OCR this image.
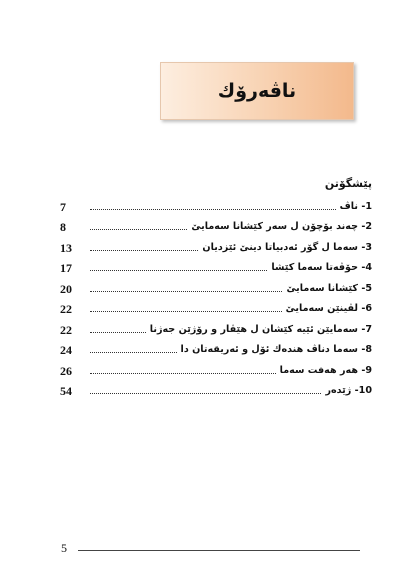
ناڤەرۆك
پێشگۆتن
7	1- ناڤ
8	2- چەند بۆچۆن ل سەر كێشانا سەمایێ
13	3- سەما ل گۆر ئەدبیاتا دینێ ئێزدیان
17	4- حۆڤەتا سەما كێشا
20	5- كێشانا سەمایێ
22	6- لڤینێن سەمایێ
22	7- سەمایێن ئێیە كێشان ل هێڤار و رۆژێن جەژنا
24	8- سەما دناڤ هندەك ئۆل و ئەریقەتان دا
26	9- هەر هەفت سەما
54	10- ژێدەر
5
